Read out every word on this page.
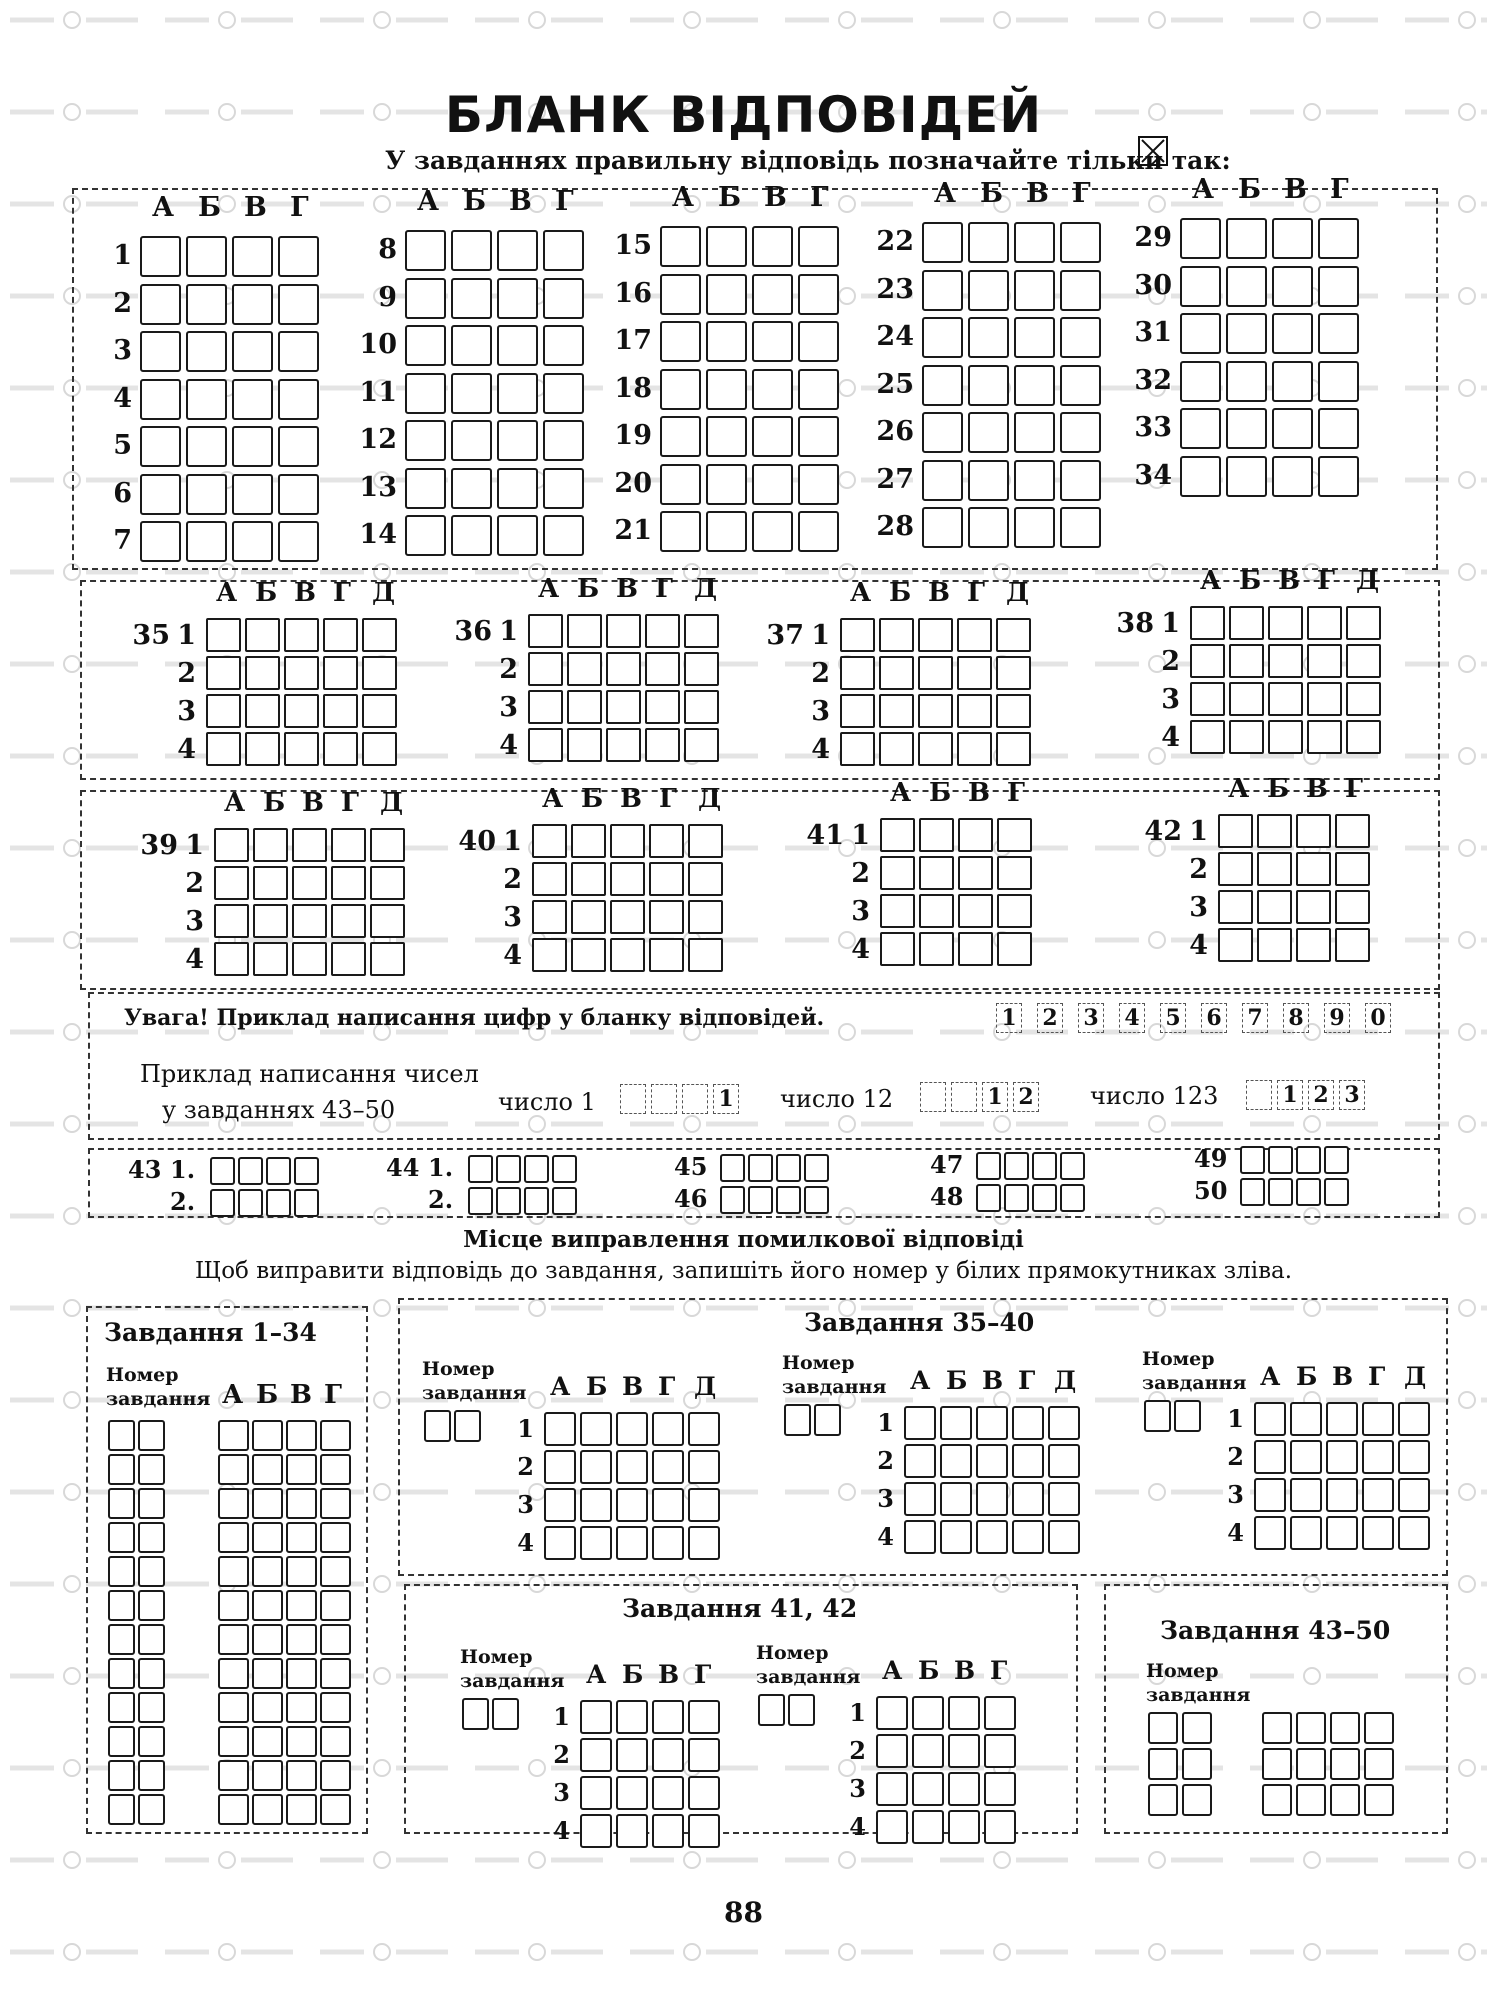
БЛАНК ВІДПОВІДЕЙ
У завданнях правильну відповідь позначайте тільки так:
А Б В Г
1
2
3
4
5
6
7
А Б В Г
8
9
10
11
12
13
14
А Б В Г
15
16
17
18
19
20
21
А Б В Г
22
23
24
25
26
27
28
А Б В Г
29
30
31
32
33
34
А Б В Г Д
35 1
2
3
4
А Б В Г Д
36 1
2
3
4
А Б В Г Д
37 1
2
3
4
А Б В Г Д
38 1
2
3
4
А Б В Г Д
39 1
2
3
4
А Б В Г Д
40 1
2
3
4
А Б В Г
41 1
2
3
4
А Б В Г
42 1
2
3
4
Увага! Приклад написання цифр у бланку відповідей.	1 2 3 4 5 6 7 8 9 0
Приклад написання чисел
у завданнях 43–50	число 1	число 12	число 123
1	1 2	1 2 3
43 1.
2.
44 1.
2.
45
46
47
48
49
50
Місце виправлення помилкової відповіді
Щоб виправити відповідь до завдання, запишіть його номер у білих прямокутниках зліва.
Завдання 1–34	Завдання 35–40
Завдання 41, 42
Завдання 43–50
Номер
завдання А Б В Г
Номер
завдання А Б В Г Д
1
2
3
4
Номер
завдання А Б В Г Д
1
2
3
4
Номер
завдання А Б В Г Д
1
2
3
4
Номер
завдання А Б В Г
1
2
3
4
Номер
завдання А Б В Г
1
2
3
4
Номер
завдання
88
